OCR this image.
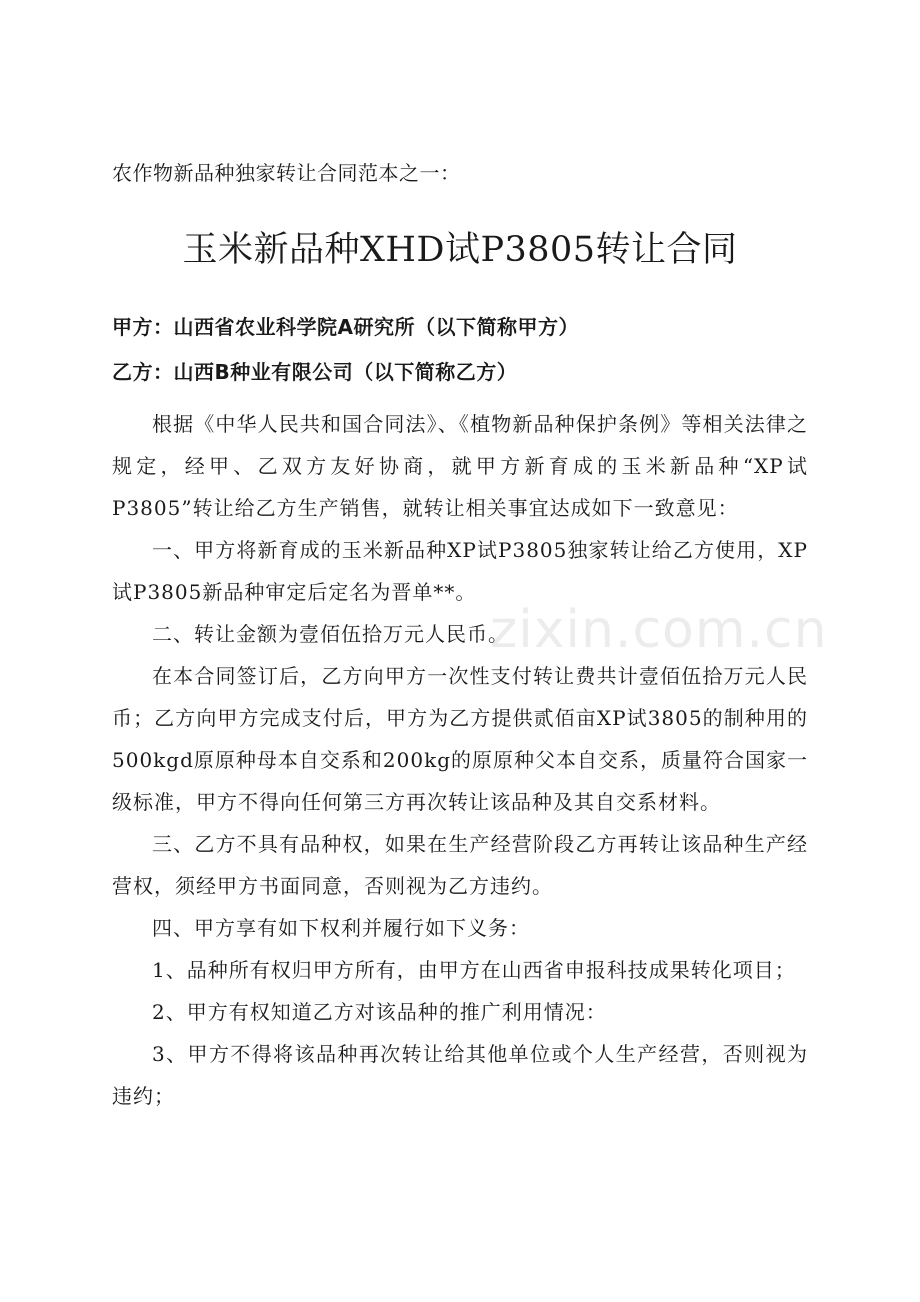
农作物新品种独家转让合同范本之一：
玉米新品种XHD试P3805转让合同
甲方：山西省农业科学院A研究所（以下简称甲方）
乙方：山西B种业有限公司（以下简称乙方）

根据《中华人民共和国合同法》、《植物新品种保护条例》等相关法律之规定，经甲、乙双方友好协商，就甲方新育成的玉米新品种“XP试P3805”转让给乙方生产销售，就转让相关事宜达成如下一致意见：

一、甲方将新育成的玉米新品种XP试P3805独家转让给乙方使用，XP试P3805新品种审定后定名为晋单**。

二、转让金额为壹佰伍拾万元人民币。

在本合同签订后，乙方向甲方一次性支付转让费共计壹佰伍拾万元人民币；乙方向甲方完成支付后，甲方为乙方提供贰佰亩XP试3805的制种用的500kgd原原种母本自交系和200kg的原原种父本自交系，质量符合国家一级标准，甲方不得向任何第三方再次转让该品种及其自交系材料。

三、乙方不具有品种权，如果在生产经营阶段乙方再转让该品种生产经营权，须经甲方书面同意，否则视为乙方违约。

四、甲方享有如下权利并履行如下义务：

1、品种所有权归甲方所有，由甲方在山西省申报科技成果转化项目；

2、甲方有权知道乙方对该品种的推广利用情况：

3、甲方不得将该品种再次转让给其他单位或个人生产经营，否则视为违约；

zixin.com.cn
